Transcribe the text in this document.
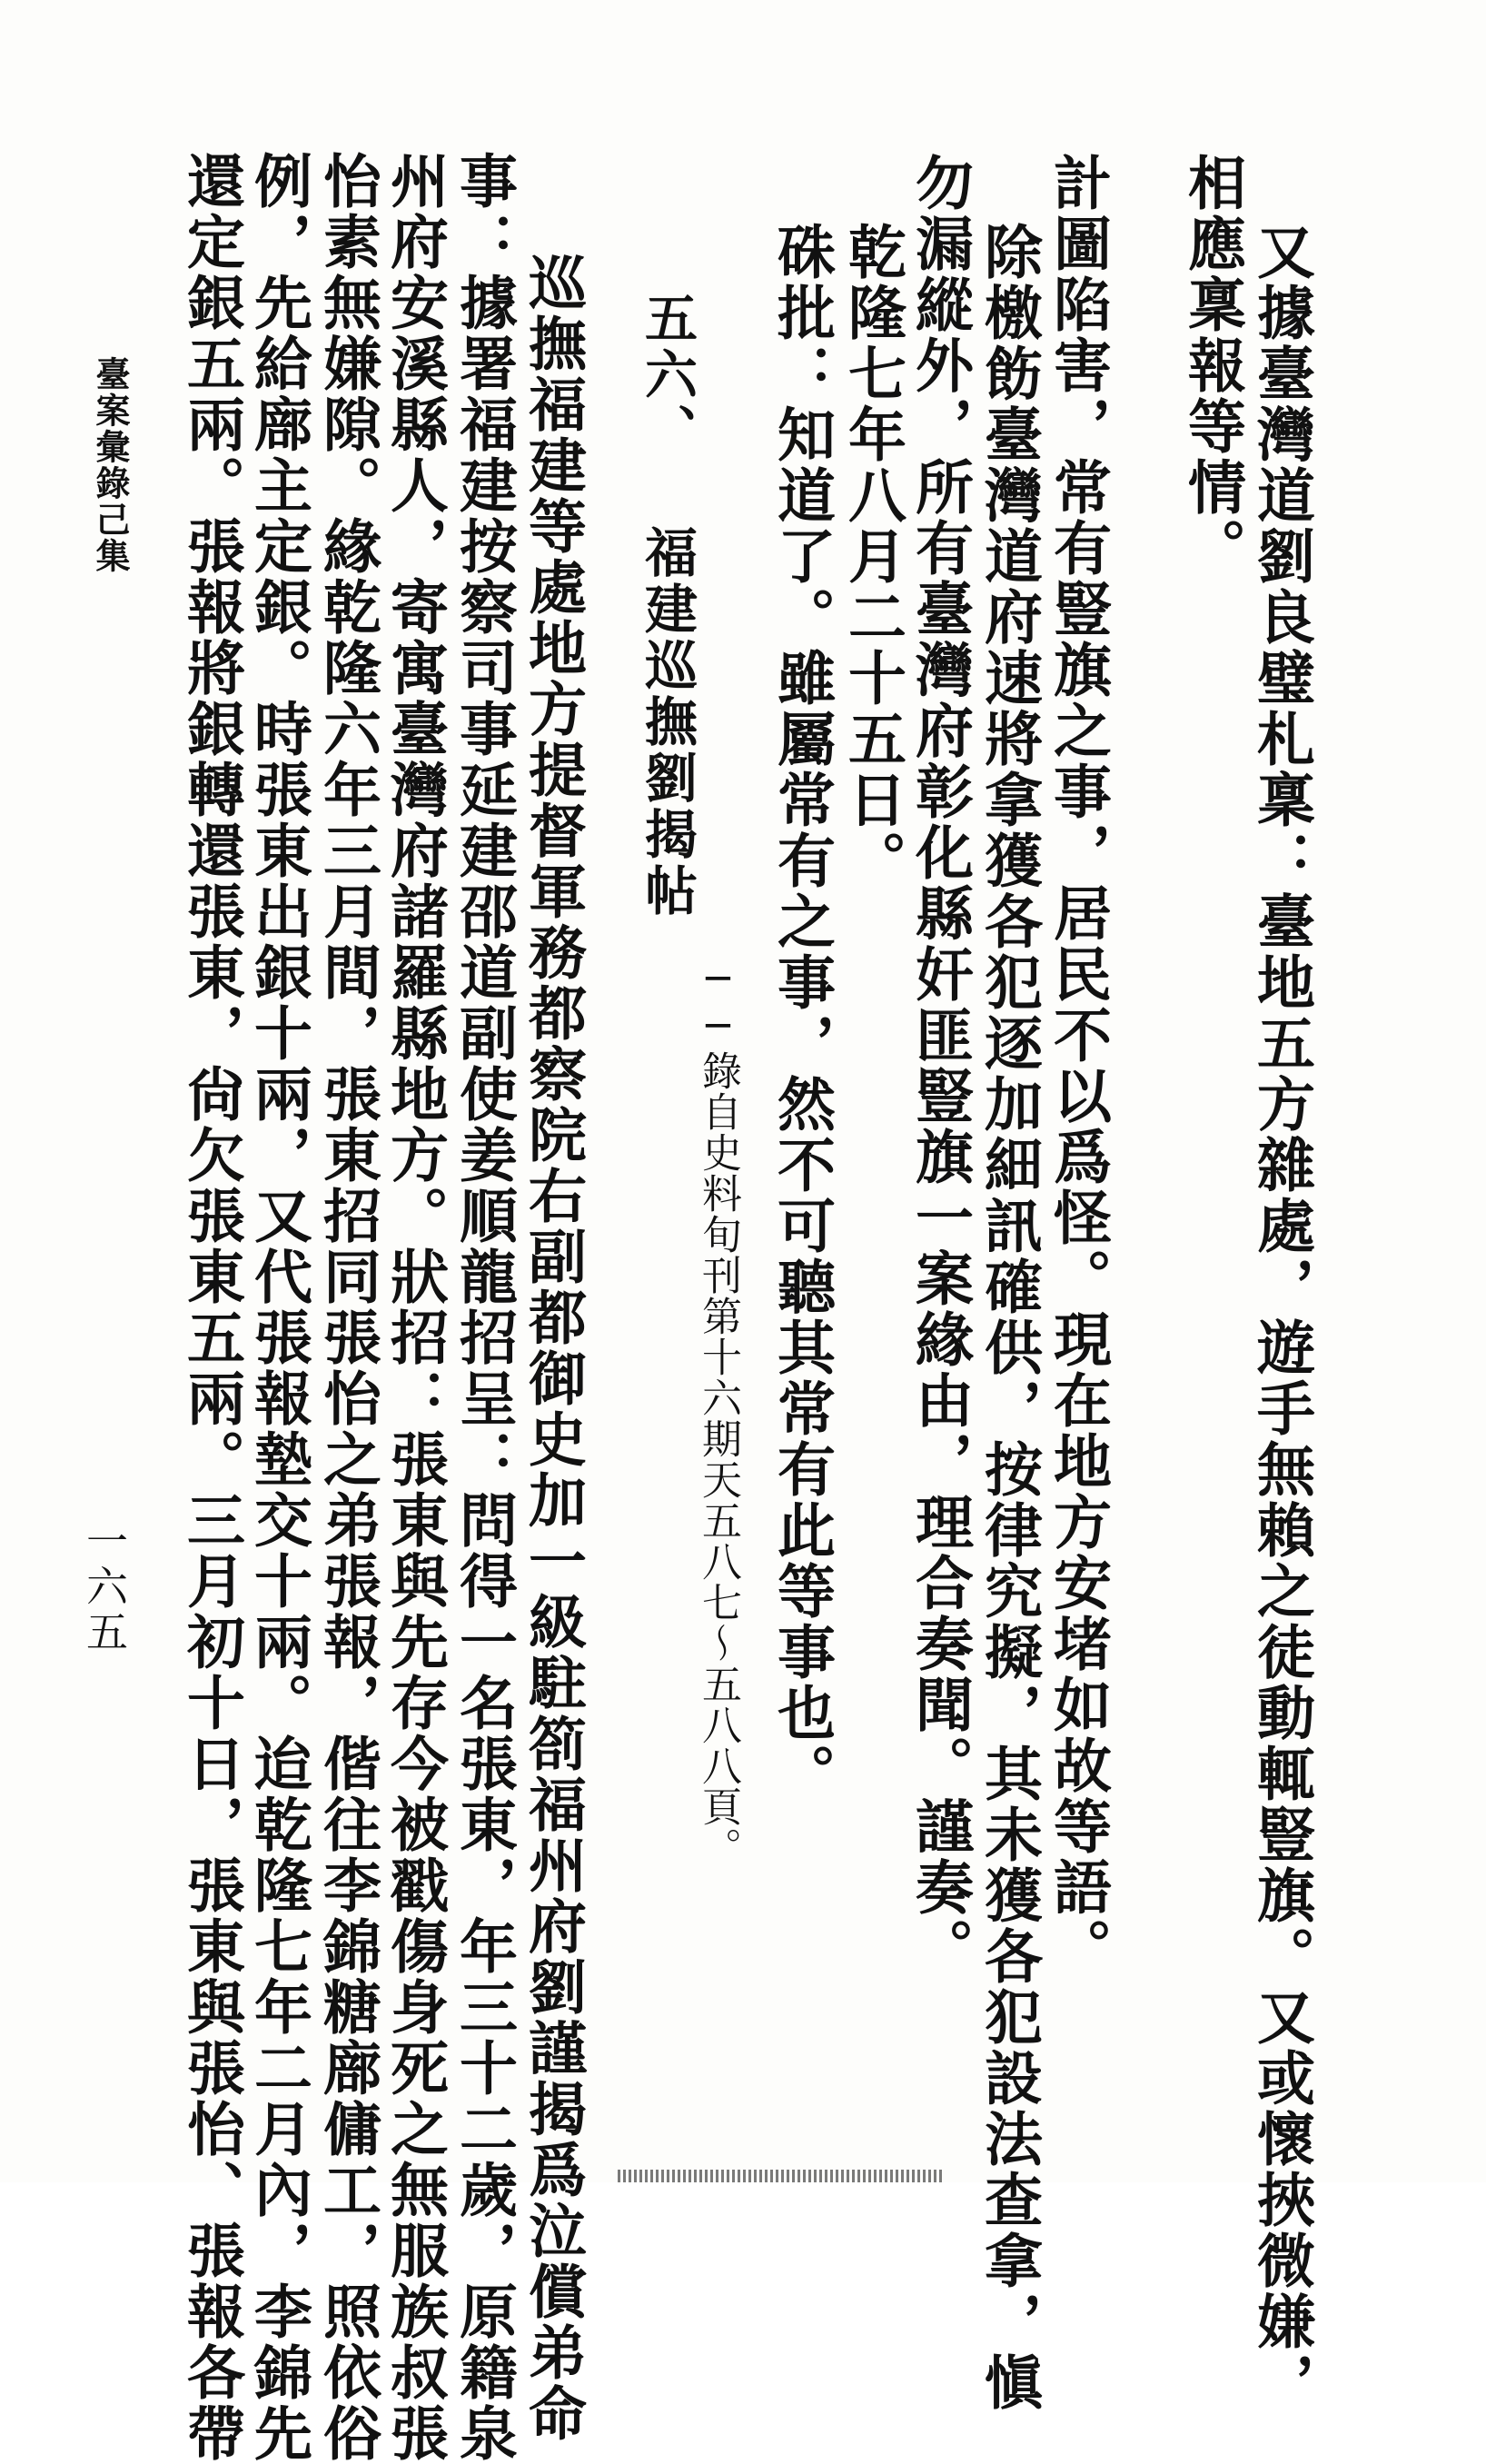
相應稟報等情。 又據臺灣道劉良璧札稟：臺地五方雜處，遊手無賴之徒動輒豎旗。又或懷挾微嫌，
計圖陷害，常有豎旗之事，居民不以爲怪。現在地方安堵如故等語。
除檄飭臺灣道府速將拿獲各犯逐加細訊確供，按律究擬，其未獲各犯設法查拿，愼
勿漏縱外，所有臺灣府彰化縣奸匪豎旗一案緣由，理合奏聞。謹奏。
乾隆七年八月二十五日。
硃批：知道了。雖屬常有之事，然不可聽其常有此等事也。
──錄自史料旬刊第十六期天五八七～五八八頁。
五六、 福建巡撫劉揭帖
巡撫福建等處地方提督軍務都察院右副都御史加一級駐箚福州府劉謹揭爲泣償弟命
事：據署福建按察司事延建邵道副使姜順龍招呈：問得一名張東，年三十二歲，原籍泉
州府安溪縣人，寄寓臺灣府諸羅縣地方。狀招：張東與先存今被戳傷身死之無服族叔張
怡素無嫌隙。緣乾隆六年三月間，張東招同張怡之弟張報，偕往李錦糖廍傭工，照依俗
例，先給廍主定銀。時張東出銀十兩，又代張報墊交十兩。迨乾隆七年二月內，李錦先
還定銀五兩。張報將銀轉還張東，尙欠張東五兩。三月初十日，張東與張怡、張報各帶
臺案彙錄己集
一六五
